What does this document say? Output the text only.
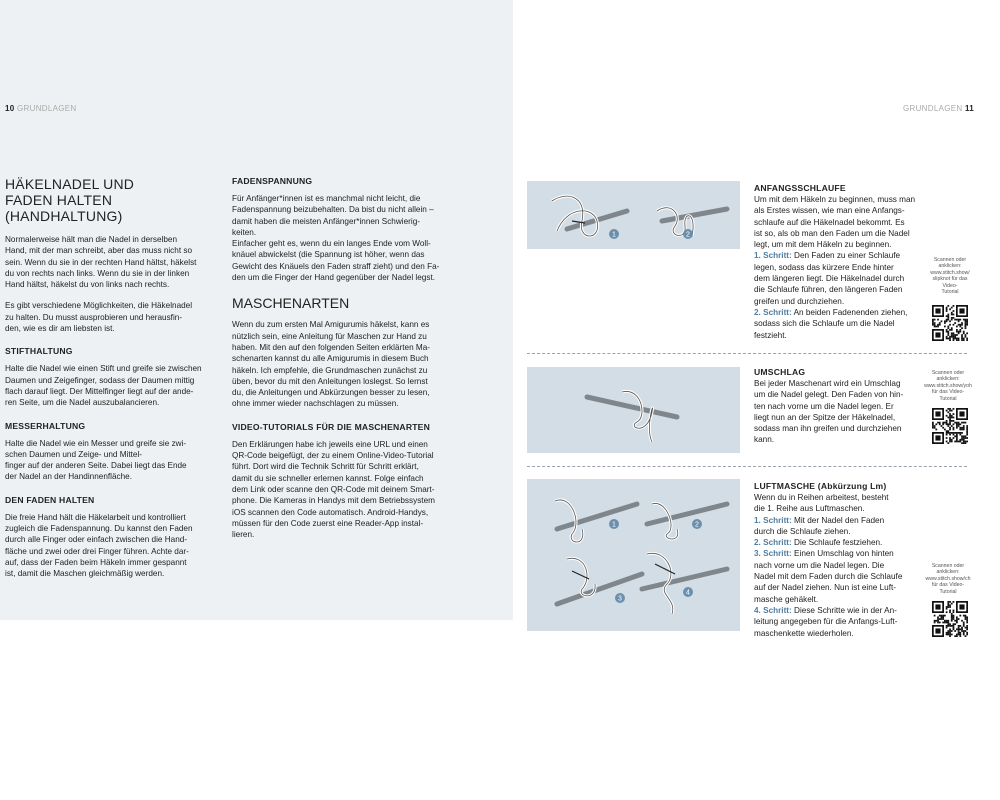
10 GRUNDLAGEN
HÄKELNADEL UND FADEN HALTEN (HANDHALTUNG)

Normalerweise hält man die Nadel in derselben
Hand, mit der man schreibt, aber das muss nicht so
sein. Wenn du sie in der rechten Hand hältst, häkelst
du von rechts nach links. Wenn du sie in der linken
Hand hältst, häkelst du von links nach rechts.

Es gibt verschiedene Möglichkeiten, die Häkelnadel
zu halten. Du musst ausprobieren und herausfin-
den, wie es dir am liebsten ist.

STIFTHALTUNG

Halte die Nadel wie einen Stift und greife sie zwischen
Daumen und Zeigefinger, sodass der Daumen mittig
flach darauf liegt. Der Mittelfinger liegt auf der ande-
ren Seite, um die Nadel auszubalancieren.

MESSERHALTUNG

Halte die Nadel wie ein Messer und greife sie zwi-
schen Daumen und Zeige- und Mittel-
finger auf der anderen Seite. Dabei liegt das Ende
der Nadel an der Handinnenfläche.

DEN FADEN HALTEN

Die freie Hand hält die Häkelarbeit und kontrolliert
zugleich die Fadenspannung. Du kannst den Faden
durch alle Finger oder einfach zwischen die Hand-
fläche und zwei oder drei Finger führen. Achte dar-
auf, dass der Faden beim Häkeln immer gespannt
ist, damit die Maschen gleichmäßig werden.

FADENSPANNUNG

Für Anfänger*innen ist es manchmal nicht leicht, die
Fadenspannung beizubehalten. Da bist du nicht allein –
damit haben die meisten Anfänger*innen Schwierig-
keiten.
Einfacher geht es, wenn du ein langes Ende vom Woll-
knäuel abwickelst (die Spannung ist höher, wenn das
Gewicht des Knäuels den Faden straff zieht) und den Fa-
den um die Finger der Hand gegenüber der Nadel legst.

MASCHENARTEN

Wenn du zum ersten Mal Amigurumis häkelst, kann es
nützlich sein, eine Anleitung für Maschen zur Hand zu
haben. Mit den auf den folgenden Seiten erklärten Ma-
schenarten kannst du alle Amigurumis in diesem Buch
häkeln. Ich empfehle, die Grundmaschen zunächst zu
üben, bevor du mit den Anleitungen loslegst. So lernst
du, die Anleitungen und Abkürzungen besser zu lesen,
ohne immer wieder nachschlagen zu müssen.

VIDEO-TUTORIALS FÜR DIE MASCHENARTEN

Den Erklärungen habe ich jeweils eine URL und einen
QR-Code beigefügt, der zu einem Online-Video-Tutorial
führt. Dort wird die Technik Schritt für Schritt erklärt,
damit du sie schneller erlernen kannst. Folge einfach
dem Link oder scanne den QR-Code mit deinem Smart-
phone. Die Kameras in Handys mit dem Betriebssystem
iOS scannen den Code automatisch. Android-Handys,
müssen für den Code zuerst eine Reader-App instal-
lieren.

GRUNDLAGEN 11
1	2
1	2
3
4
ANFANGSSCHLAUFE

Um mit dem Häkeln zu beginnen, muss man
als Erstes wissen, wie man eine Anfangs-
schlaufe auf die Häkelnadel bekommt. Es
ist so, als ob man den Faden um die Nadel
legt, um mit dem Häkeln zu beginnen.
1. Schritt: Den Faden zu einer Schlaufe
legen, sodass das kürzere Ende hinter
dem längeren liegt. Die Häkelnadel durch
die Schlaufe führen, den längeren Faden
greifen und durchziehen.
2. Schritt: An beiden Fadenenden ziehen,
sodass sich die Schlaufe um die Nadel
festzieht.

UMSCHLAG

Bei jeder Maschenart wird ein Umschlag
um die Nadel gelegt. Den Faden von hin-
ten nach vorne um die Nadel legen. Er
liegt nun an der Spitze der Häkelnadel,
sodass man ihn greifen und durchziehen
kann.

LUFTMASCHE (Abkürzung Lm)

Wenn du in Reihen arbeitest, besteht
die 1. Reihe aus Luftmaschen.
1. Schritt: Mit der Nadel den Faden
durch die Schlaufe ziehen.
2. Schritt: Die Schlaufe festziehen.
3. Schritt: Einen Umschlag von hinten
nach vorne um die Nadel legen. Die
Nadel mit dem Faden durch die Schlaufe
auf der Nadel ziehen. Nun ist eine Luft-
masche gehäkelt.
4. Schritt: Diese Schritte wie in der An-
leitung angegeben für die Anfangs-Luft-
maschenkette wiederholen.

Scannen oder anklicken:
www.stitch.show/
slipknot für das Video-
Tutorial

Scannen oder anklicken:
www.stitch.show/yoh
für das Video-Tutorial

Scannen oder anklicken:
www.stitch.show/ch
für das Video-Tutorial
